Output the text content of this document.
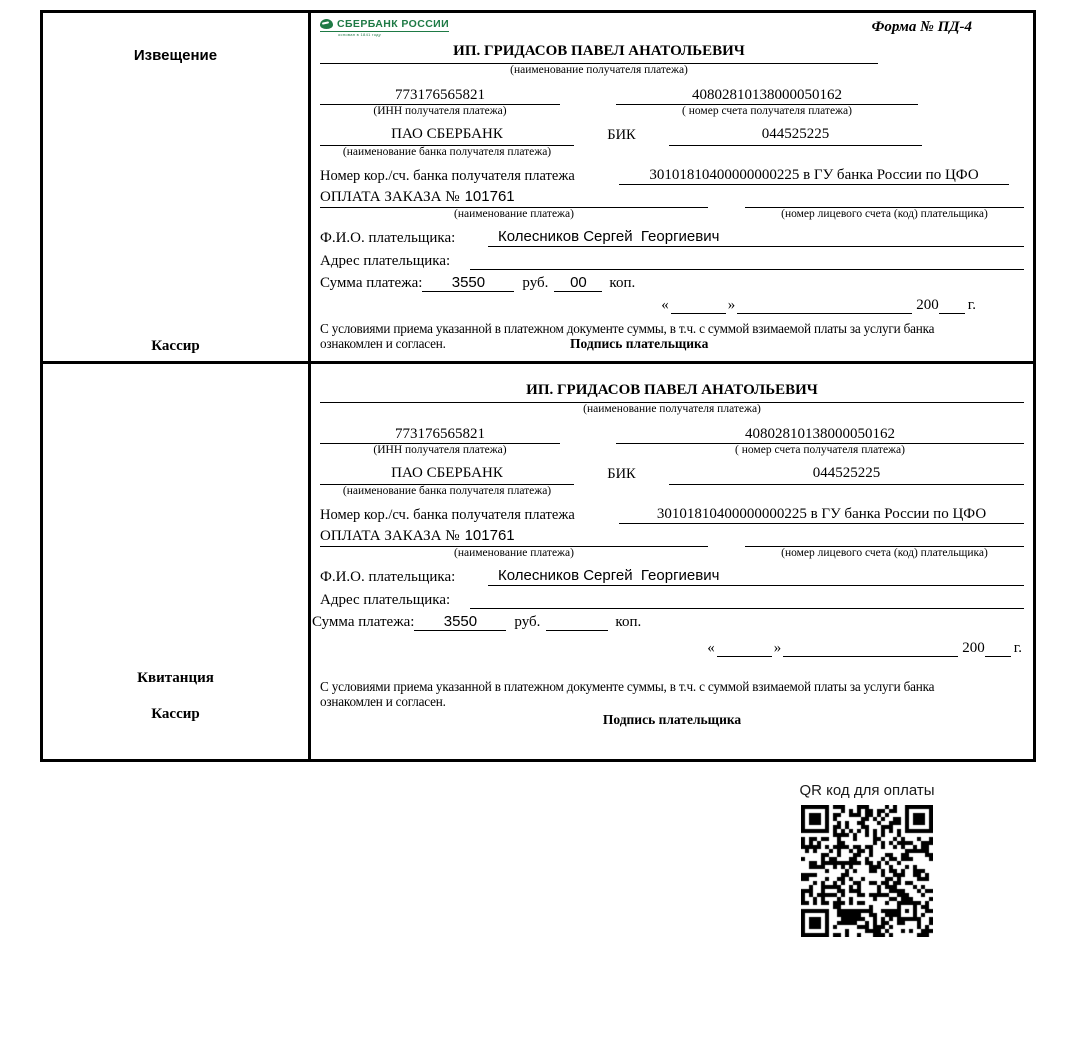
Извещение
Кассир
СБЕРБАНК РОССИИ
основан в 1841 году	Форма № ПД-4
ИП. ГРИДАСОВ ПАВЕЛ АНАТОЛЬЕВИЧ
(наименование получателя платежа)
773176565821	40802810138000050162
(ИНН получателя платежа)	( номер счета получателя платежа)
ПАО СБЕРБАНК	БИК	044525225
(наименование банка получателя платежа)
Номер кор./сч. банка получателя платежа	30101810400000000225 в ГУ банка России по ЦФО
ОПЛАТА ЗАКАЗА № 101761
(наименование платежа)	(номер лицевого счета (код) плательщика)
Ф.И.О. плательщика:	Колесников Сергей  Георгиевич
Адрес плательщика:
Сумма платежа:	3550	руб.	00	коп.
«	»	200 г.
С условиями приема указанной в платежном документе суммы, в т.ч. с суммой взимаемой платы за услуги банка
ознакомлен и согласен.	Подпись плательщика
Квитанция
Кассир
ИП. ГРИДАСОВ ПАВЕЛ АНАТОЛЬЕВИЧ
(наименование получателя платежа)
773176565821	40802810138000050162
(ИНН получателя платежа)	( номер счета получателя платежа)
ПАО СБЕРБАНК	БИК	044525225
(наименование банка получателя платежа)
Номер кор./сч. банка получателя платежа	30101810400000000225 в ГУ банка России по ЦФО
ОПЛАТА ЗАКАЗА № 101761
(наименование платежа)	(номер лицевого счета (код) плательщика)
Ф.И.О. плательщика:	Колесников Сергей  Георгиевич
Адрес плательщика:
Сумма платежа:	3550	руб.	коп.
«	»	200 г.
С условиями приема указанной в платежном документе суммы, в т.ч. с суммой взимаемой платы за услуги банка
ознакомлен и согласен.
Подпись плательщика
QR код для оплаты
